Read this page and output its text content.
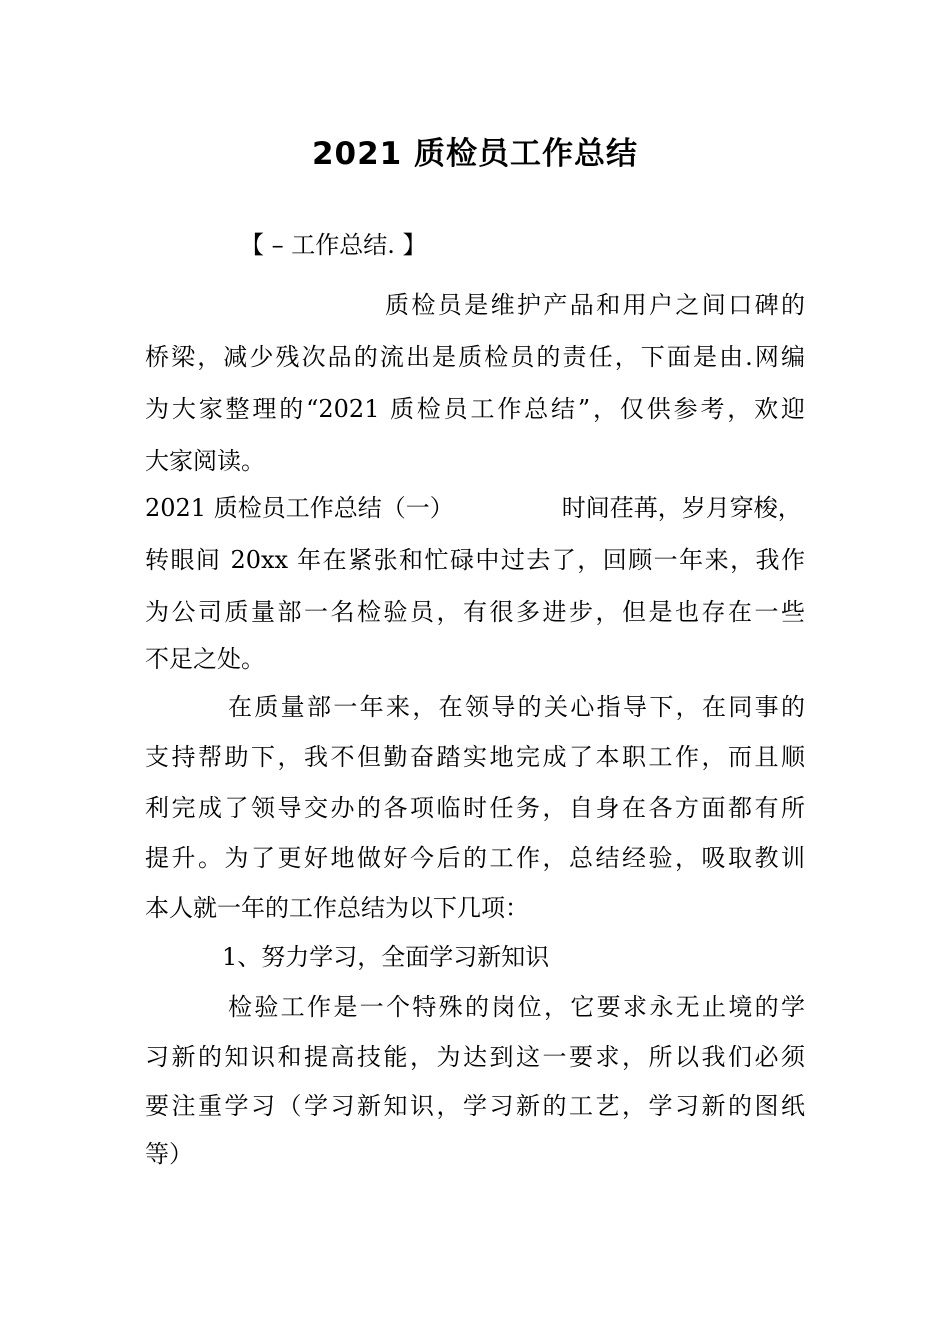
2021 质检员工作总结
【 – 工作总结. 】
质检员是维护产品和用户之间口碑的
桥梁，减少残次品的流出是质检员的责任，下面是由.网编
为大家整理的“2021 质检员工作总结”，仅供参考，欢迎
大家阅读。
2021 质检员工作总结（一）	时间荏苒，岁月穿梭，
转眼间 20xx 年在紧张和忙碌中过去了，回顾一年来，我作
为公司质量部一名检验员，有很多进步，但是也存在一些
不足之处。
在质量部一年来，在领导的关心指导下，在同事的
支持帮助下，我不但勤奋踏实地完成了本职工作，而且顺
利完成了领导交办的各项临时任务，自身在各方面都有所
提升。为了更好地做好今后的工作，总结经验，吸取教训
本人就一年的工作总结为以下几项：
1、努力学习，全面学习新知识
检验工作是一个特殊的岗位，它要求永无止境的学
习新的知识和提高技能，为达到这一要求，所以我们必须
要注重学习（学习新知识，学习新的工艺，学习新的图纸
等）
